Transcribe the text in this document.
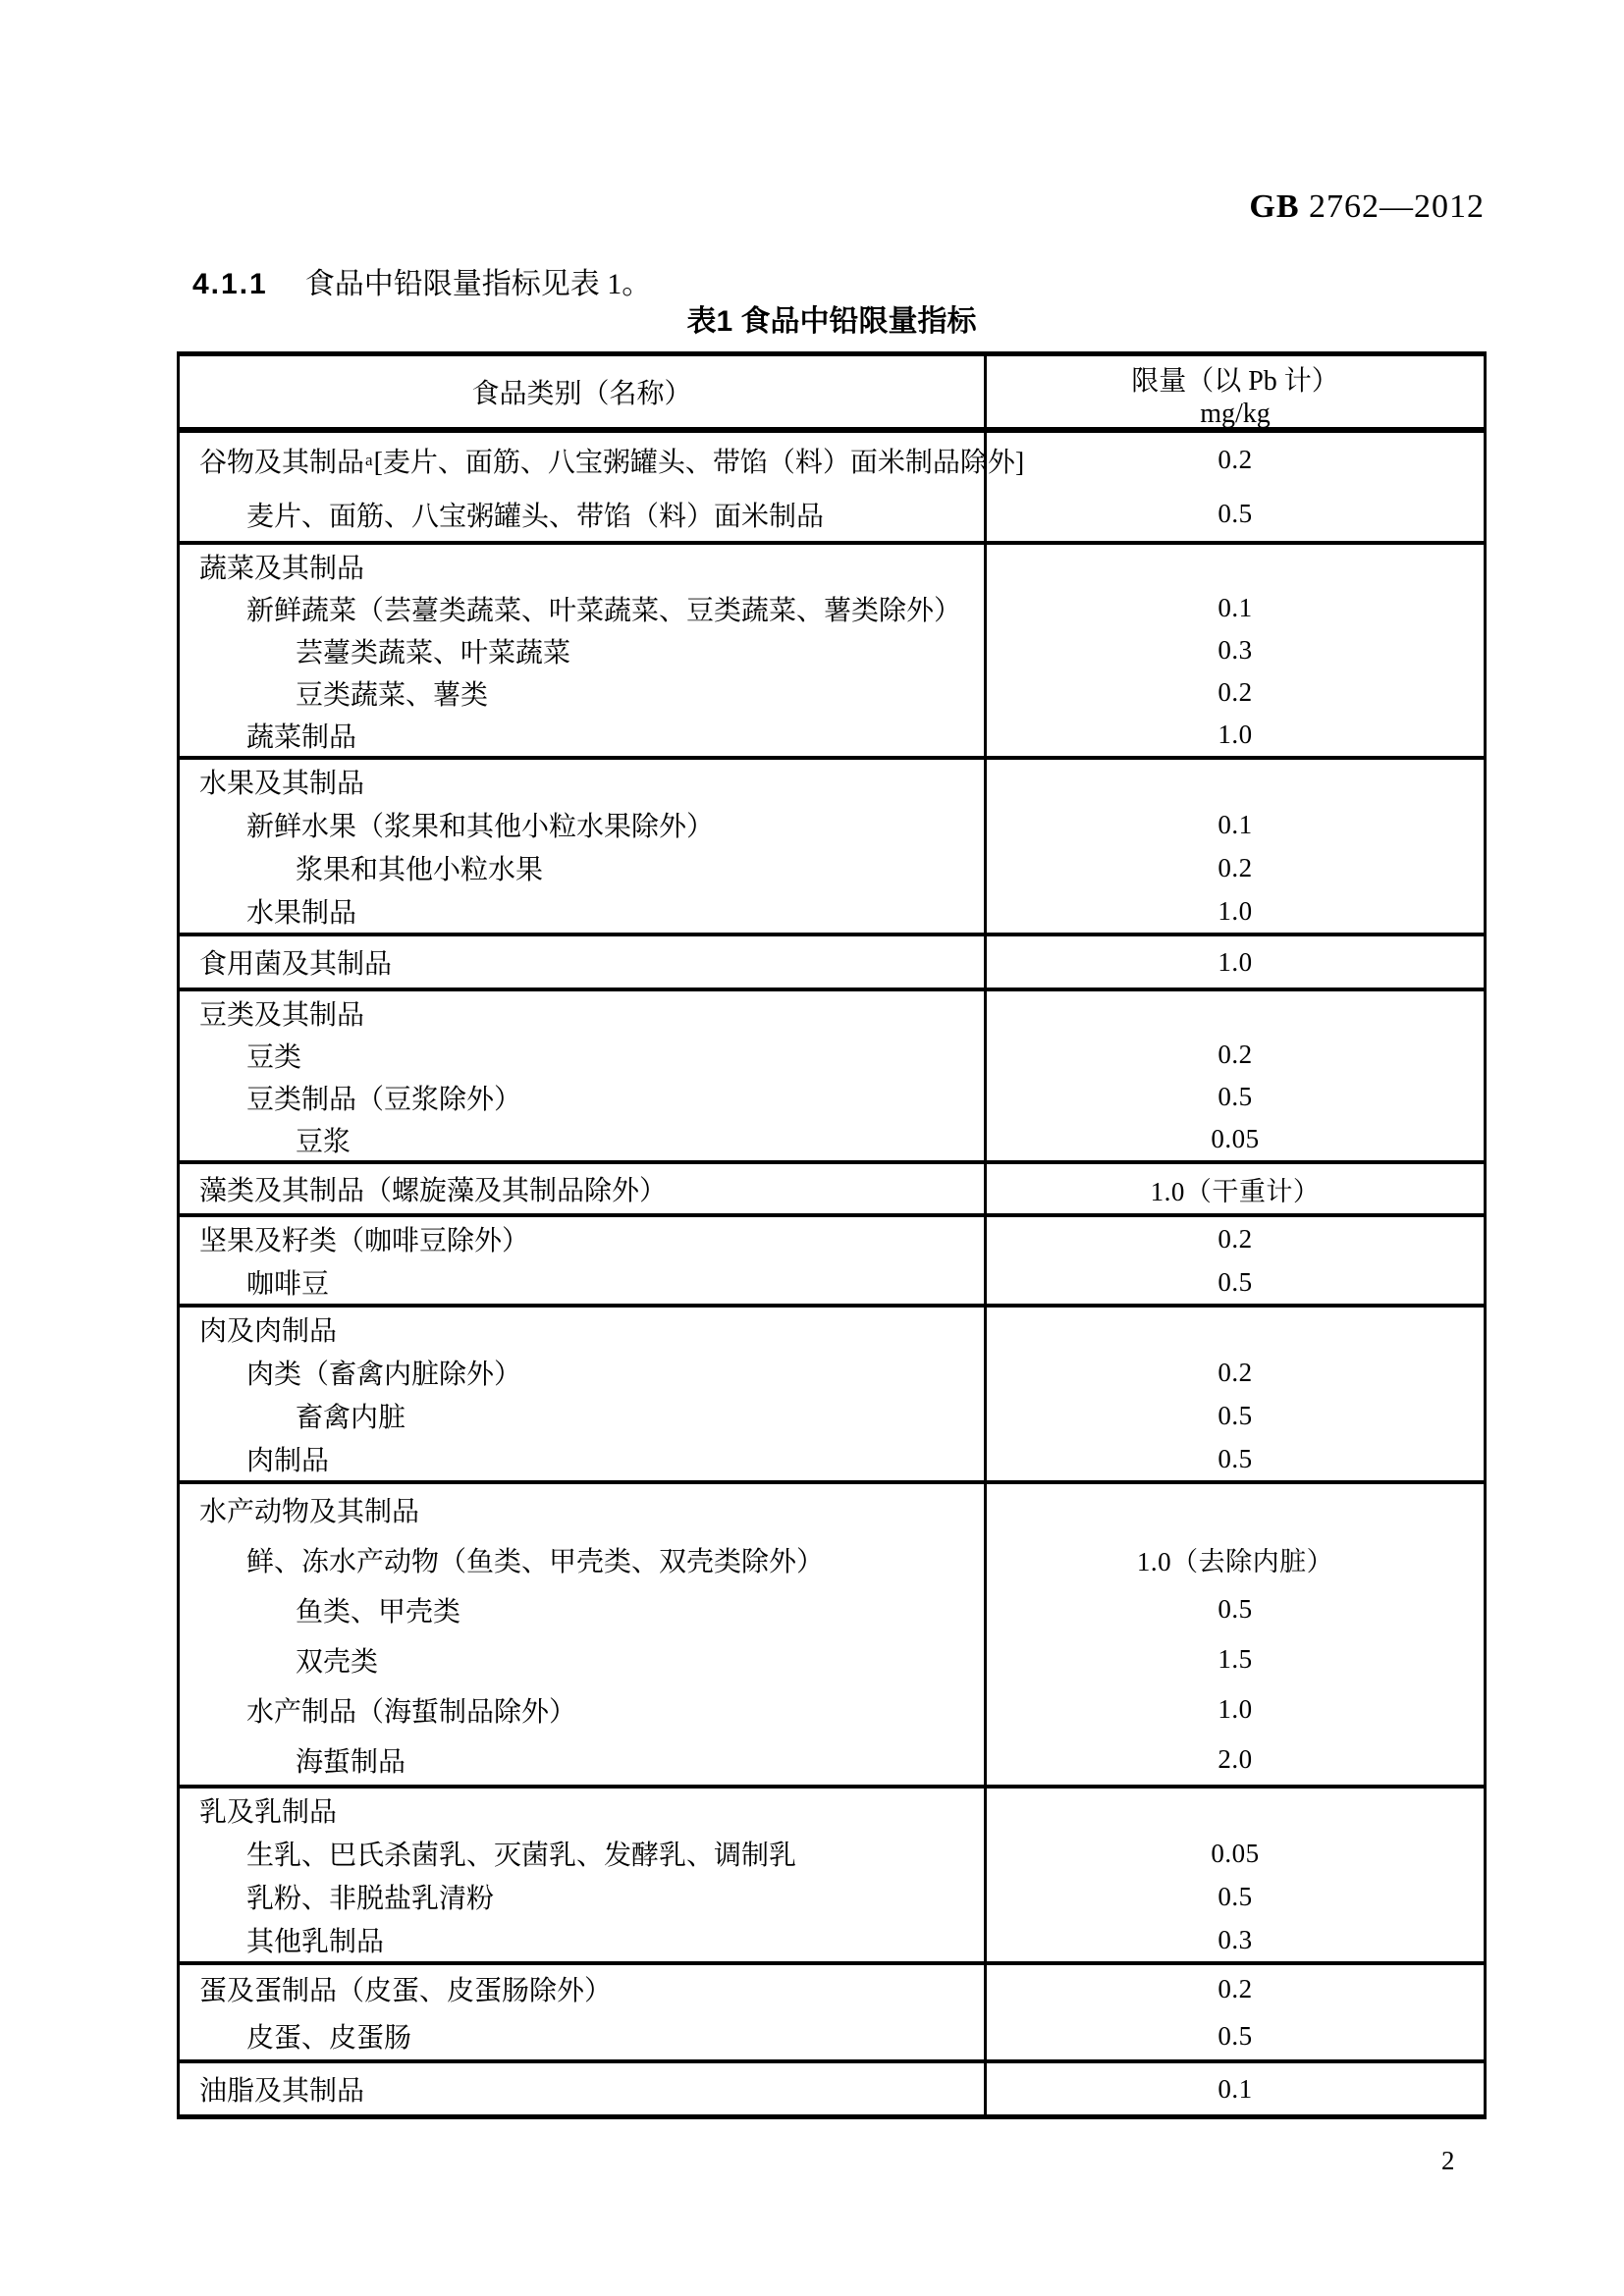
GB 2762—2012
4.1.1 食品中铅限量指标见表 1。
表1 食品中铅限量指标
食品类别（名称）	限量（以 Pb 计）
mg/kg
谷物及其制品 a [麦片、面筋、八宝粥罐头、带馅（料）面米制品除外]	0.2
麦片、面筋、八宝粥罐头、带馅（料）面米制品	0.5
蔬菜及其制品
新鲜蔬菜（芸薹类蔬菜、叶菜蔬菜、豆类蔬菜、薯类除外）	0.1
芸薹类蔬菜、叶菜蔬菜	0.3
豆类蔬菜、薯类	0.2
蔬菜制品	1.0
水果及其制品
新鲜水果（浆果和其他小粒水果除外）	0.1
浆果和其他小粒水果	0.2
水果制品	1.0
食用菌及其制品	1.0
豆类及其制品
豆类	0.2
豆类制品（豆浆除外）	0.5
豆浆	0.05
藻类及其制品（螺旋藻及其制品除外）	1.0（干重计）
坚果及籽类（咖啡豆除外）	0.2
咖啡豆	0.5
肉及肉制品
肉类（畜禽内脏除外）	0.2
畜禽内脏	0.5
肉制品	0.5
水产动物及其制品
鲜、冻水产动物（鱼类、甲壳类、双壳类除外）	1.0（去除内脏）
鱼类、甲壳类	0.5
双壳类	1.5
水产制品（海蜇制品除外）	1.0
海蜇制品	2.0
乳及乳制品
生乳、巴氏杀菌乳、灭菌乳、发酵乳、调制乳	0.05
乳粉、非脱盐乳清粉	0.5
其他乳制品	0.3
蛋及蛋制品（皮蛋、皮蛋肠除外）	0.2
皮蛋、皮蛋肠	0.5
油脂及其制品	0.1
2
